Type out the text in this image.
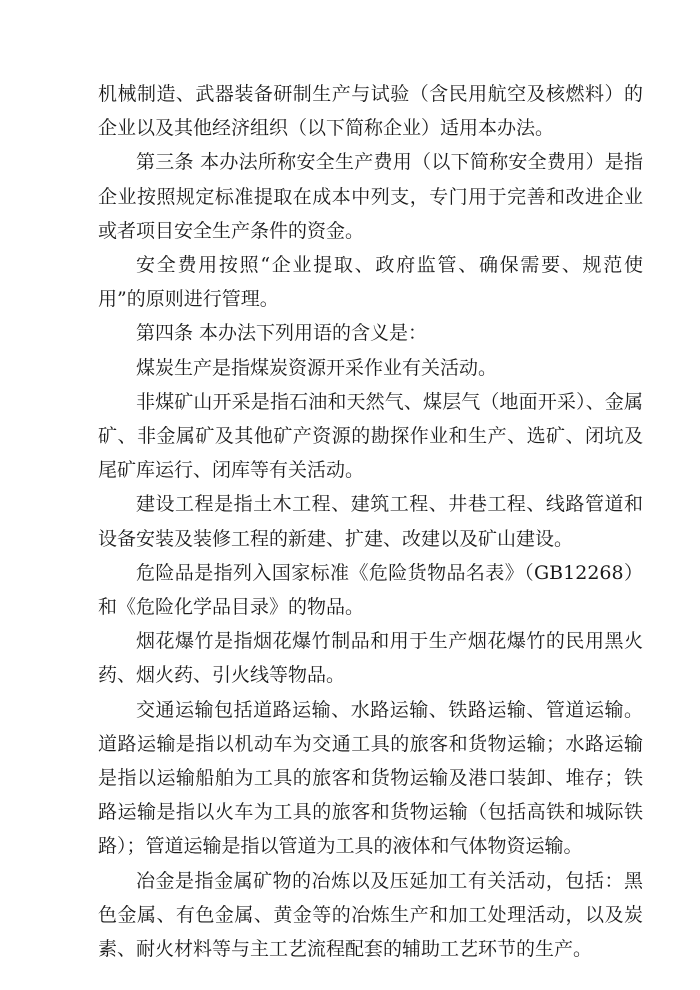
机械制造、武器装备研制生产与试验（含民用航空及核燃料）的企业以及其他经济组织（以下简称企业）适用本办法。

第三条 本办法所称安全生产费用（以下简称安全费用）是指企业按照规定标准提取在成本中列支，专门用于完善和改进企业或者项目安全生产条件的资金。

安全费用按照“企业提取、政府监管、确保需要、规范使用”的原则进行管理。

第四条 本办法下列用语的含义是：

煤炭生产是指煤炭资源开采作业有关活动。

非煤矿山开采是指石油和天然气、煤层气（地面开采）、金属矿、非金属矿及其他矿产资源的勘探作业和生产、选矿、闭坑及尾矿库运行、闭库等有关活动。

建设工程是指土木工程、建筑工程、井巷工程、线路管道和设备安装及装修工程的新建、扩建、改建以及矿山建设。

危险品是指列入国家标准《危险货物品名表》（GB12268）和《危险化学品目录》的物品。

烟花爆竹是指烟花爆竹制品和用于生产烟花爆竹的民用黑火药、烟火药、引火线等物品。

交通运输包括道路运输、水路运输、铁路运输、管道运输。道路运输是指以机动车为交通工具的旅客和货物运输；水路运输是指以运输船舶为工具的旅客和货物运输及港口装卸、堆存；铁路运输是指以火车为工具的旅客和货物运输（包括高铁和城际铁路）；管道运输是指以管道为工具的液体和气体物资运输。

冶金是指金属矿物的冶炼以及压延加工有关活动，包括：黑色金属、有色金属、黄金等的冶炼生产和加工处理活动，以及炭素、耐火材料等与主工艺流程配套的辅助工艺环节的生产。
